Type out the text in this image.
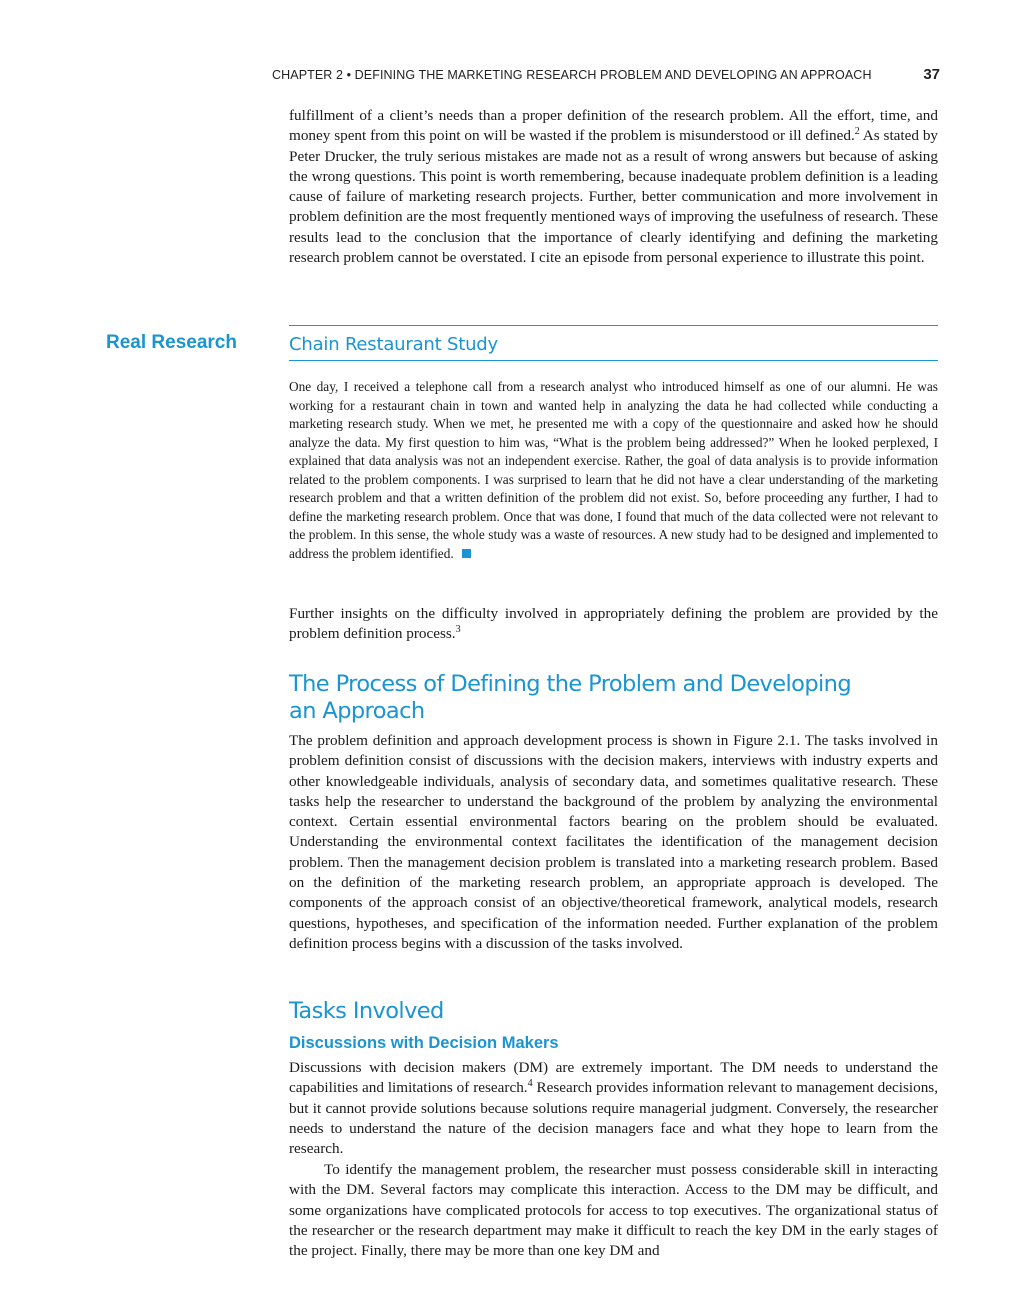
CHAPTER 2 • DEFINING THE MARKETING RESEARCH PROBLEM AND DEVELOPING AN APPROACH	37

fulfillment of a client’s needs than a proper definition of the research problem. All the effort, time, and money spent from this point on will be wasted if the problem is misunderstood or ill defined.$^2$ As stated by Peter Drucker, the truly serious mistakes are made not as a result of wrong answers but because of asking the wrong questions. This point is worth remembering, because inadequate problem definition is a leading cause of failure of marketing research projects. Further, better communication and more involvement in problem definition are the most frequently mentioned ways of improving the usefulness of research. These results lead to the conclusion that the importance of clearly identifying and defining the marketing research problem cannot be overstated. I cite an episode from personal experience to illustrate this point.

Real Research	Chain Restaurant Study

One day, I received a telephone call from a research analyst who introduced himself as one of our alumni. He was working for a restaurant chain in town and wanted help in analyzing the data he had collected while conducting a marketing research study. When we met, he presented me with a copy of the questionnaire and asked how he should analyze the data. My first question to him was, “What is the problem being addressed?” When he looked perplexed, I explained that data analysis was not an independent exercise. Rather, the goal of data analysis is to provide information related to the problem components. I was surprised to learn that he did not have a clear understanding of the marketing research problem and that a written definition of the problem did not exist. So, before proceeding any further, I had to define the marketing research problem. Once that was done, I found that much of the data collected were not relevant to the problem. In this sense, the whole study was a waste of resources. A new study had to be designed and implemented to address the problem identified.

Further insights on the difficulty involved in appropriately defining the problem are provided by the problem definition process.$^3$

The Process of Defining the Problem and Developing
an Approach

The problem definition and approach development process is shown in Figure 2.1. The tasks involved in problem definition consist of discussions with the decision makers, interviews with industry experts and other knowledgeable individuals, analysis of secondary data, and sometimes qualitative research. These tasks help the researcher to understand the background of the problem by analyzing the environmental context. Certain essential environmental factors bearing on the problem should be evaluated. Understanding the environmental context facilitates the identification of the management decision problem. Then the management decision problem is translated into a marketing research problem. Based on the definition of the marketing research problem, an appropriate approach is developed. The components of the approach consist of an objective/theoretical framework, analytical models, research questions, hypotheses, and specification of the information needed. Further explanation of the problem definition process begins with a discussion of the tasks involved.

Tasks Involved
Discussions with Decision Makers

Discussions with decision makers (DM) are extremely important. The DM needs to understand the capabilities and limitations of research.$^4$ Research provides information relevant to management decisions, but it cannot provide solutions because solutions require managerial judgment. Conversely, the researcher needs to understand the nature of the decision managers face and what they hope to learn from the research.

To identify the management problem, the researcher must possess considerable skill in interacting with the DM. Several factors may complicate this interaction. Access to the DM may be difficult, and some organizations have complicated protocols for access to top executives. The organizational status of the researcher or the research department may make it difficult to reach the key DM in the early stages of the project. Finally, there may be more than one key DM and
